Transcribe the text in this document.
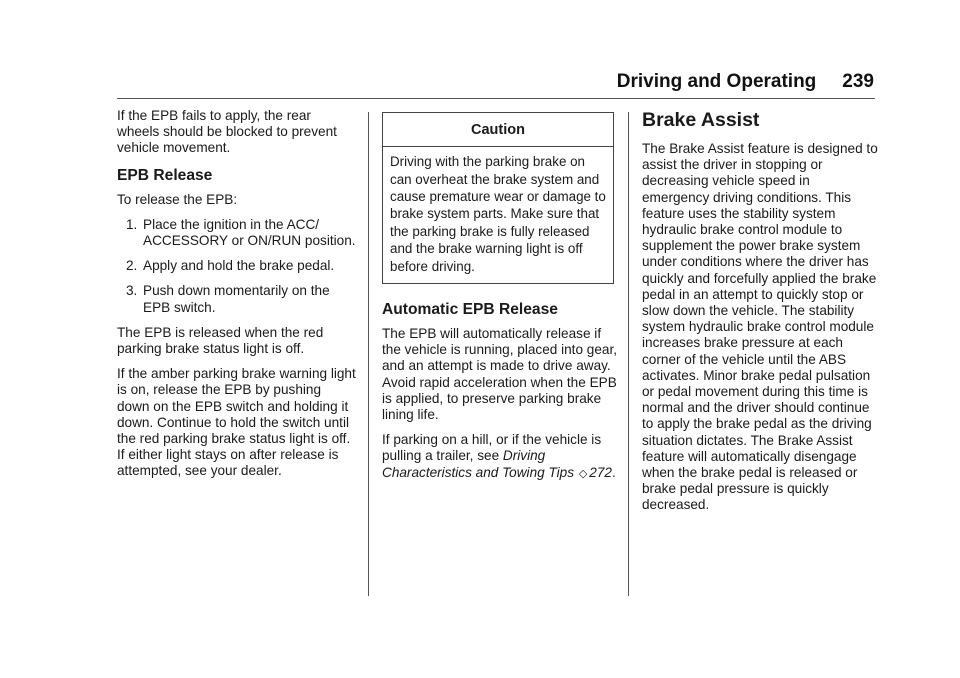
Driving and Operating 239

If the EPB fails to apply, the rear wheels should be blocked to prevent vehicle movement.

EPB Release

To release the EPB:

1. Place the ignition in the ACC/ ACCESSORY or ON/RUN position.
2. Apply and hold the brake pedal.
3. Push down momentarily on the EPB switch.

The EPB is released when the red parking brake status light is off.

If the amber parking brake warning light is on, release the EPB by pushing down on the EPB switch and holding it down. Continue to hold the switch until the red parking brake status light is off. If either light stays on after release is attempted, see your dealer.

Caution
Driving with the parking brake on can overheat the brake system and cause premature wear or damage to brake system parts. Make sure that the parking brake is fully released and the brake warning light is off before driving.
Automatic EPB Release

The EPB will automatically release if the vehicle is running, placed into gear, and an attempt is made to drive away. Avoid rapid acceleration when the EPB is applied, to preserve parking brake lining life.

If parking on a hill, or if the vehicle is pulling a trailer, see Driving Characteristics and Towing Tips ◇ 272.

Brake Assist

The Brake Assist feature is designed to assist the driver in stopping or decreasing vehicle speed in emergency driving conditions. This feature uses the stability system hydraulic brake control module to supplement the power brake system under conditions where the driver has quickly and forcefully applied the brake pedal in an attempt to quickly stop or slow down the vehicle. The stability system hydraulic brake control module increases brake pressure at each corner of the vehicle until the ABS activates. Minor brake pedal pulsation or pedal movement during this time is normal and the driver should continue to apply the brake pedal as the driving situation dictates. The Brake Assist feature will automatically disengage when the brake pedal is released or brake pedal pressure is quickly decreased.
